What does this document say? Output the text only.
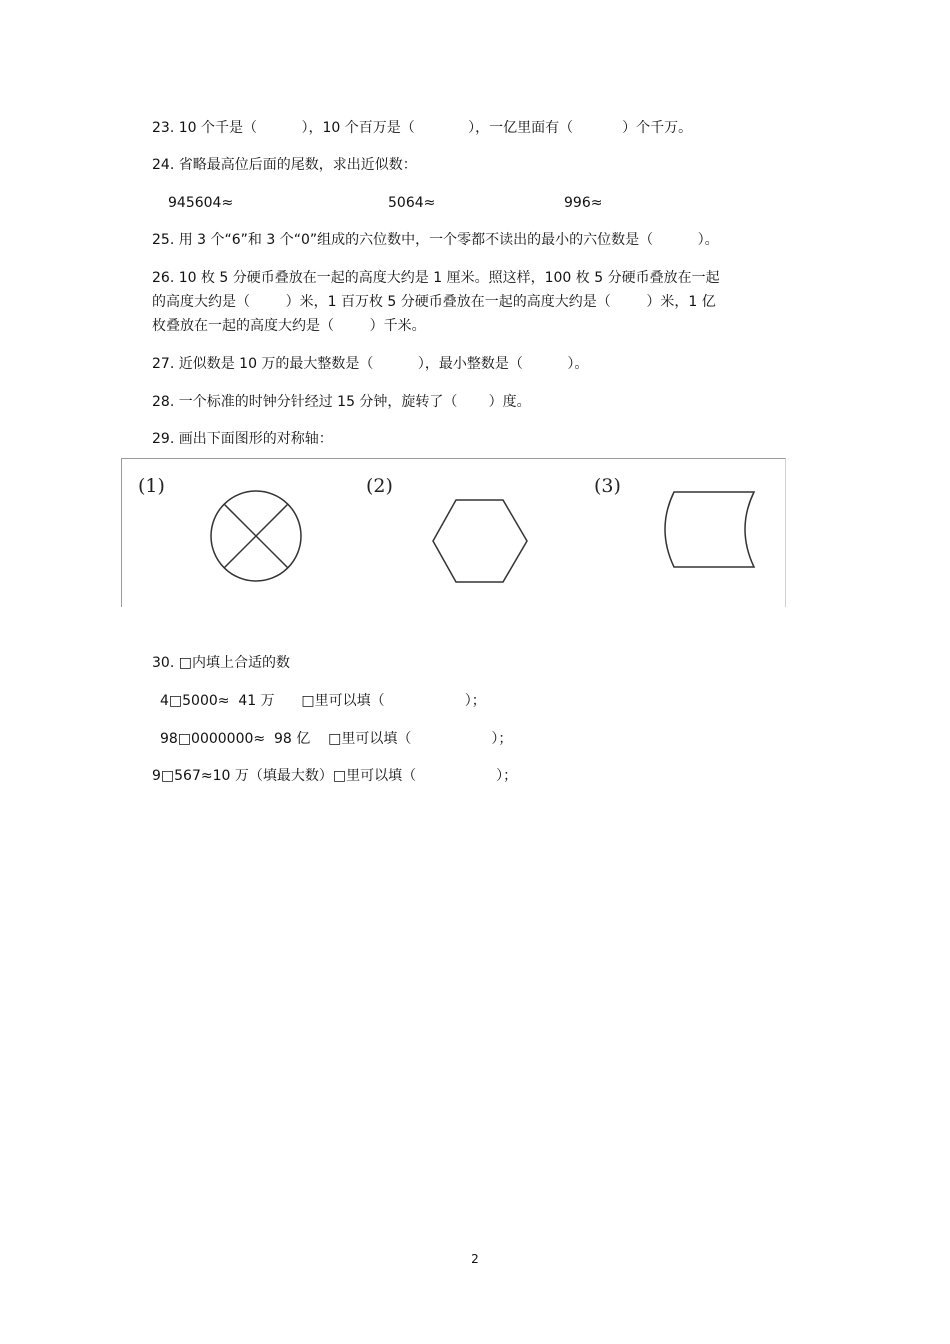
23. 10 个千是（          ），10 个百万是（            ），一亿里面有（           ）个千万。
24. 省略最高位后面的尾数，求出近似数：
945604≈	5064≈	996≈
25. 用 3 个“6”和 3 个“0”组成的六位数中，一个零都不读出的最小的六位数是（          ）。
26. 10 枚 5 分硬币叠放在一起的高度大约是 1 厘米。照这样，100 枚 5 分硬币叠放在一起
的高度大约是（        ）米，1 百万枚 5 分硬币叠放在一起的高度大约是（        ）米，1 亿
枚叠放在一起的高度大约是（        ）千米。
27. 近似数是 10 万的最大整数是（          ），最小整数是（          ）。
28. 一个标准的时钟分针经过 15 分钟，旋转了（       ）度。
29. 画出下面图形的对称轴：
(1)	(2)	(3)
30. □内填上合适的数
4□5000≈  41 万      □里可以填（                  ）；
98□0000000≈  98 亿    □里可以填（                  ）；
9□567≈10 万（填最大数）□里可以填（                  ）；
2
